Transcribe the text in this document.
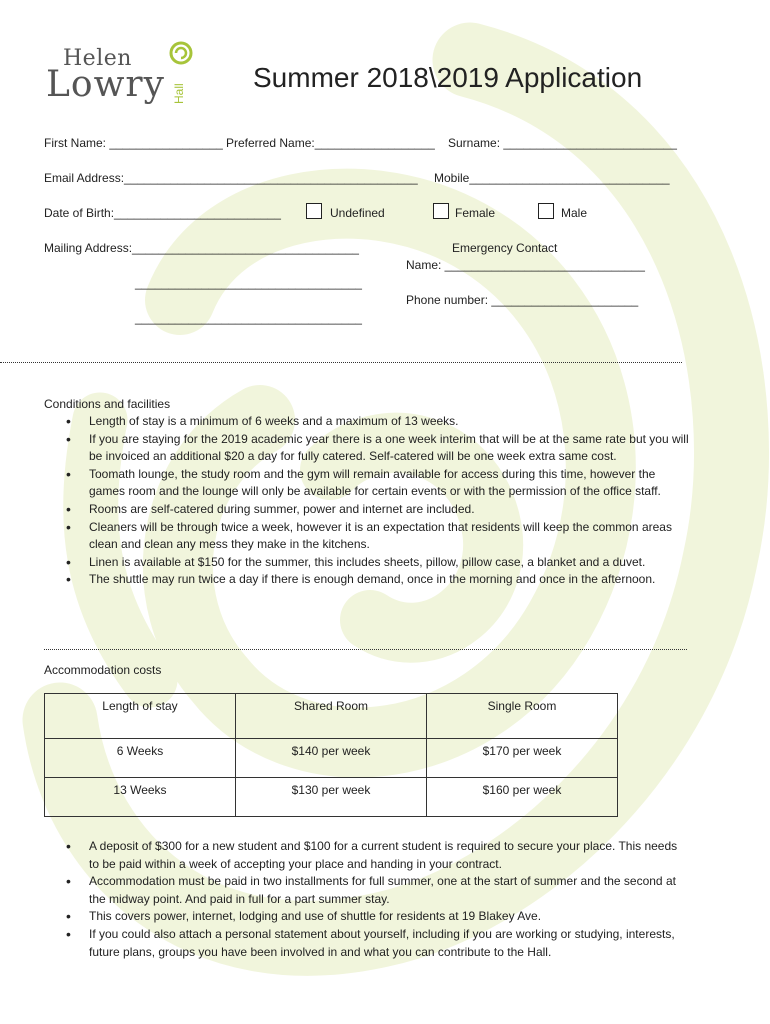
Helen
Lowry Hall
Summer 2018\2019 Application
First Name: _________________ Preferred Name:__________________ Surname: __________________________
Email Address:____________________________________________ Mobile______________________________
Date of Birth:_________________________	Undefined	Female	Male
Mailing Address:__________________________________
__________________________________
__________________________________
Emergency Contact
Name: ______________________________
Phone number: ______________________
Conditions and facilities
• Length of stay is a minimum of 6 weeks and a maximum of 13 weeks.
• If you are staying for the 2019 academic year there is a one week interim that will be at the same rate but you will be invoiced an additional $20 a day for fully catered. Self-catered will be one week extra same cost.
• Toomath lounge, the study room and the gym will remain available for access during this time, however the games room and the lounge will only be available for certain events or with the permission of the office staff.
• Rooms are self-catered during summer, power and internet are included.
• Cleaners will be through twice a week, however it is an expectation that residents will keep the common areas clean and clean any mess they make in the kitchens.
• Linen is available at $150 for the summer, this includes sheets, pillow, pillow case, a blanket and a duvet.
• The shuttle may run twice a day if there is enough demand, once in the morning and once in the afternoon.
Accommodation costs
Length of stay	Shared Room	Single Room
6 Weeks	$140 per week	$170 per week
13 Weeks	$130 per week	$160 per week
• A deposit of $300 for a new student and $100 for a current student is required to secure your place. This needs to be paid within a week of accepting your place and handing in your contract.
• Accommodation must be paid in two installments for full summer, one at the start of summer and the second at the midway point. And paid in full for a part summer stay.
• This covers power, internet, lodging and use of shuttle for residents at 19 Blakey Ave.
• If you could also attach a personal statement about yourself, including if you are working or studying, interests, future plans, groups you have been involved in and what you can contribute to the Hall.
